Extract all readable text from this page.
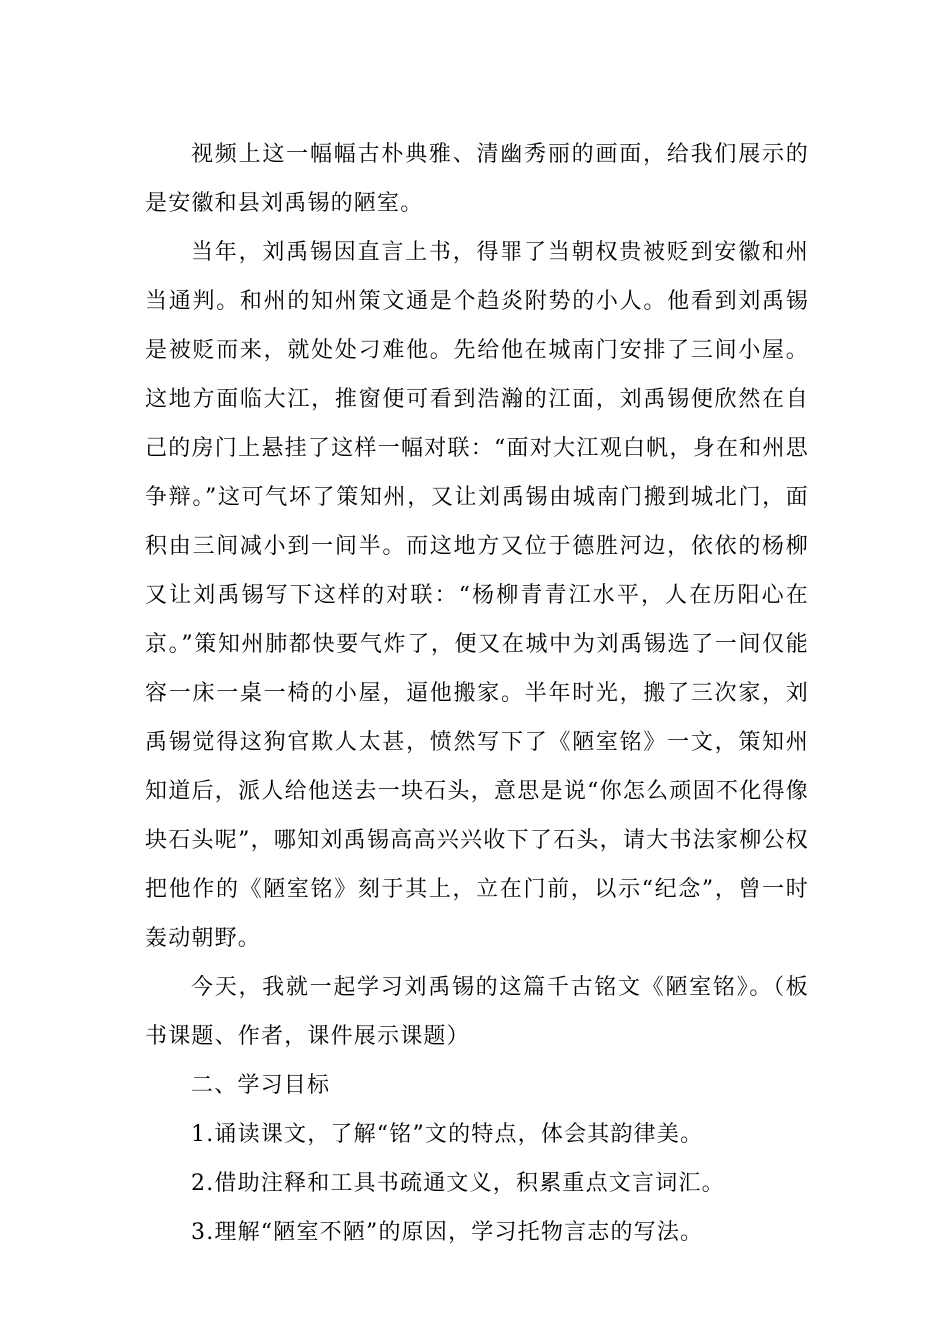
视频上这一幅幅古朴典雅、清幽秀丽的画面，给我们展示的是安徽和县刘禹锡的陋室。

当年，刘禹锡因直言上书，得罪了当朝权贵被贬到安徽和州当通判。和州的知州策文通是个趋炎附势的小人。他看到刘禹锡是被贬而来，就处处刁难他。先给他在城南门安排了三间小屋。这地方面临大江，推窗便可看到浩瀚的江面，刘禹锡便欣然在自己的房门上悬挂了这样一幅对联：“面对大江观白帆，身在和州思争辩。”这可气坏了策知州，又让刘禹锡由城南门搬到城北门，面积由三间减小到一间半。而这地方又位于德胜河边，依依的杨柳又让刘禹锡写下这样的对联：“杨柳青青江水平，人在历阳心在京。”策知州肺都快要气炸了，便又在城中为刘禹锡选了一间仅能容一床一桌一椅的小屋，逼他搬家。半年时光，搬了三次家，刘禹锡觉得这狗官欺人太甚，愤然写下了《陋室铭》一文，策知州知道后，派人给他送去一块石头，意思是说“你怎么顽固不化得像块石头呢”，哪知刘禹锡高高兴兴收下了石头，请大书法家柳公权把他作的《陋室铭》刻于其上，立在门前，以示“纪念”，曾一时轰动朝野。

今天，我就一起学习刘禹锡的这篇千古铭文《陋室铭》。（板书课题、作者，课件展示课题）

二、学习目标

1.诵读课文，了解“铭”文的特点，体会其韵律美。

2.借助注释和工具书疏通文义，积累重点文言词汇。

3.理解“陋室不陋”的原因，学习托物言志的写法。
